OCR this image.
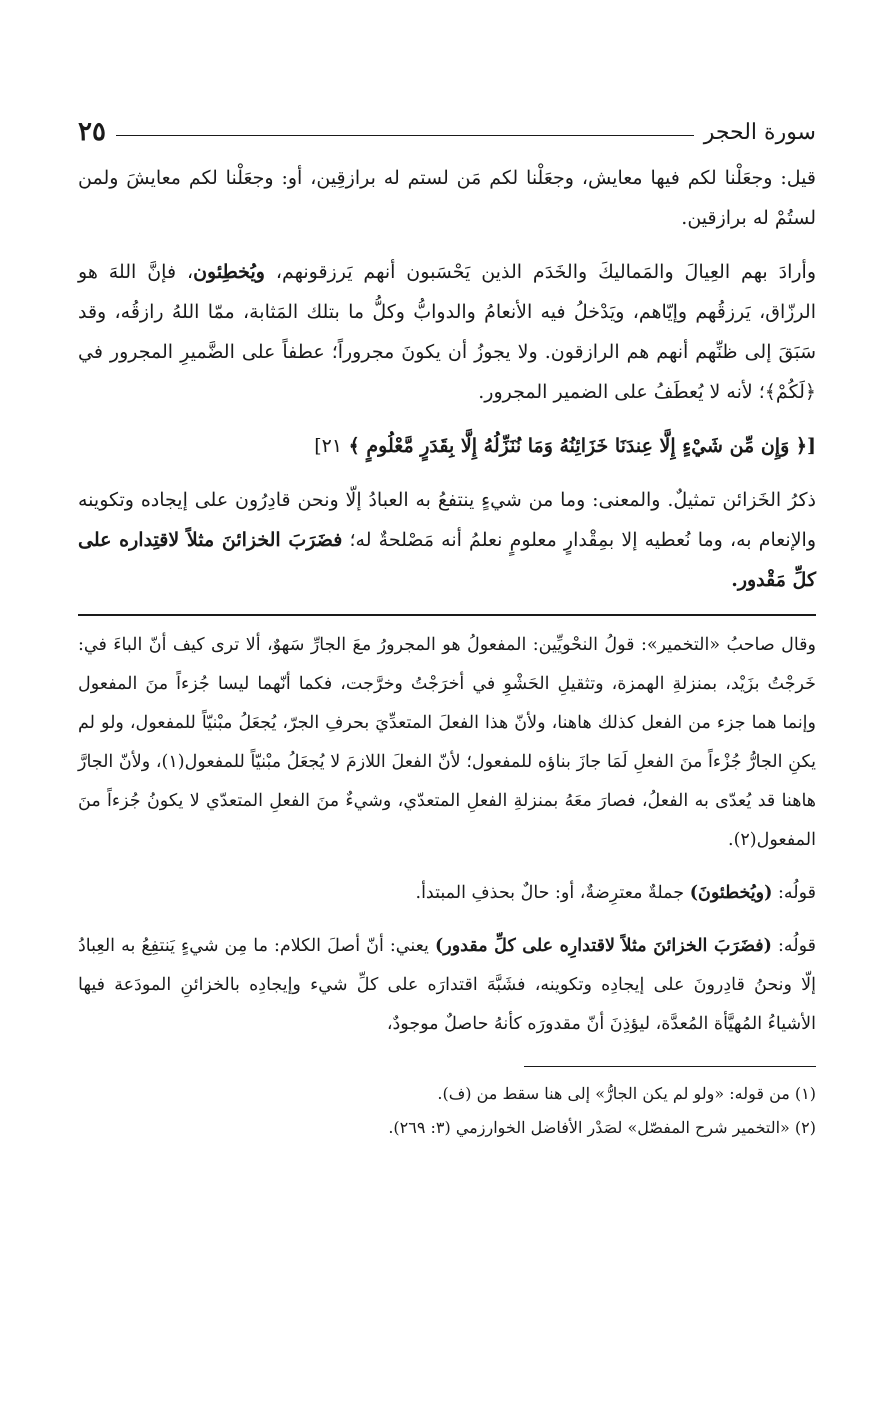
سورة الحجر
٢٥

قيل: وجعَلْنا لكم فيها معايش، وجعَلْنا لكم مَن لستم له برازقِين، أو: وجعَلْنا لكم معايشَ ولمن لستُمْ له برازقين.

وأرادَ بهم العِيالَ والمَماليكَ والخَدَم الذين يَحْسَبون أنهم يَرزقونهم، ويُخطِئون، فإنَّ اللهَ هو الرزّاق، يَرزقُهم وإيّاهم، ويَدْخلُ فيه الأنعامُ والدوابُّ وكلُّ ما بتلك المَثابة، ممّا اللهُ رازقُه، وقد سَبَقَ إلى ظنِّهم أنهم هم الرازقون. ولا يجوزُ أن يكونَ مجروراً؛ عطفاً على الضَّميرِ المجرور في ﴿لَكُمْ﴾؛ لأنه لا يُعطَفُ على الضمير المجرور.

[﴿ وَإِن مِّن شَيْءٍ إِلَّا عِندَنَا خَزَائِنُهُ وَمَا نُنَزِّلُهُ إِلَّا بِقَدَرٍ مَّعْلُومٍ ﴾ ٢١]

ذكرُ الخَزائن تمثيلٌ. والمعنى: وما من شيءٍ ينتفعُ به العبادُ إلّا ونحن قادِرُون على إيجاده وتكوينه والإنعام به، وما نُعطيه إلا بمِقْدارٍ معلومٍ نعلمُ أنه مَصْلحةٌ له؛ فضَرَبَ الخزائنَ مثلاً لاقتِداره على كلِّ مَقْدور.

وقال صاحبُ «التخمير»: قولُ النحْويِّين: المفعولُ هو المجرورُ معَ الجارِّ سَهوٌ، ألا ترى كيف أنّ الباءَ في: خَرجْتُ بزَيْد، بمنزلةِ الهمزة، وتثقيلِ الحَشْوِ في أخرَجْتُ وخرَّجت، فكما أنّهما ليسا جُزءاً منَ المفعول وإنما هما جزء من الفعل كذلك هاهنا، ولأنّ هذا الفعلَ المتعدِّيَ بحرفِ الجرّ، يُجعَلُ مبْنيّاً للمفعول، ولو لم يكنِ الجارُّ جُزْءاً منَ الفعلِ لَمَا جازَ بناؤه للمفعول؛ لأنّ الفعلَ اللازمَ لا يُجعَلُ مبْنيّاً للمفعول(١)، ولأنّ الجارَّ هاهنا قد يُعدّى به الفعلُ، فصارَ معَهُ بمنزلةِ الفعلِ المتعدّي، وشيءٌ منَ الفعلِ المتعدّي لا يكونُ جُزءاً منَ المفعول(٢).

قولُه: (ويُخطئونَ) جملةٌ معترِضةٌ، أو: حالٌ بحذفِ المبتدأ.

قولُه: (فضَرَبَ الخزائنَ مثلاً لاقتدارِه على كلِّ مقدور) يعني: أنّ أصلَ الكلام: ما مِن شيءٍ يَنتفِعُ به العِبادُ إلّا ونحنُ قادِرونَ على إيجادِه وتكوينه، فشَبَّهَ اقتدارَه على كلِّ شيء وإيجادِه بالخزائنِ المودَعة فيها الأشياءُ المُهيَّأة المُعدَّة، ليؤذِنَ أنّ مقدورَه كأنهُ حاصلٌ موجودٌ،

(١) من قوله: «ولو لم يكن الجارُّ» إلى هنا سقط من (ف).

(٢) «التخمير شرح المفصّل» لصَدْر الأفاضل الخوارزمي (٣: ٢٦٩).
